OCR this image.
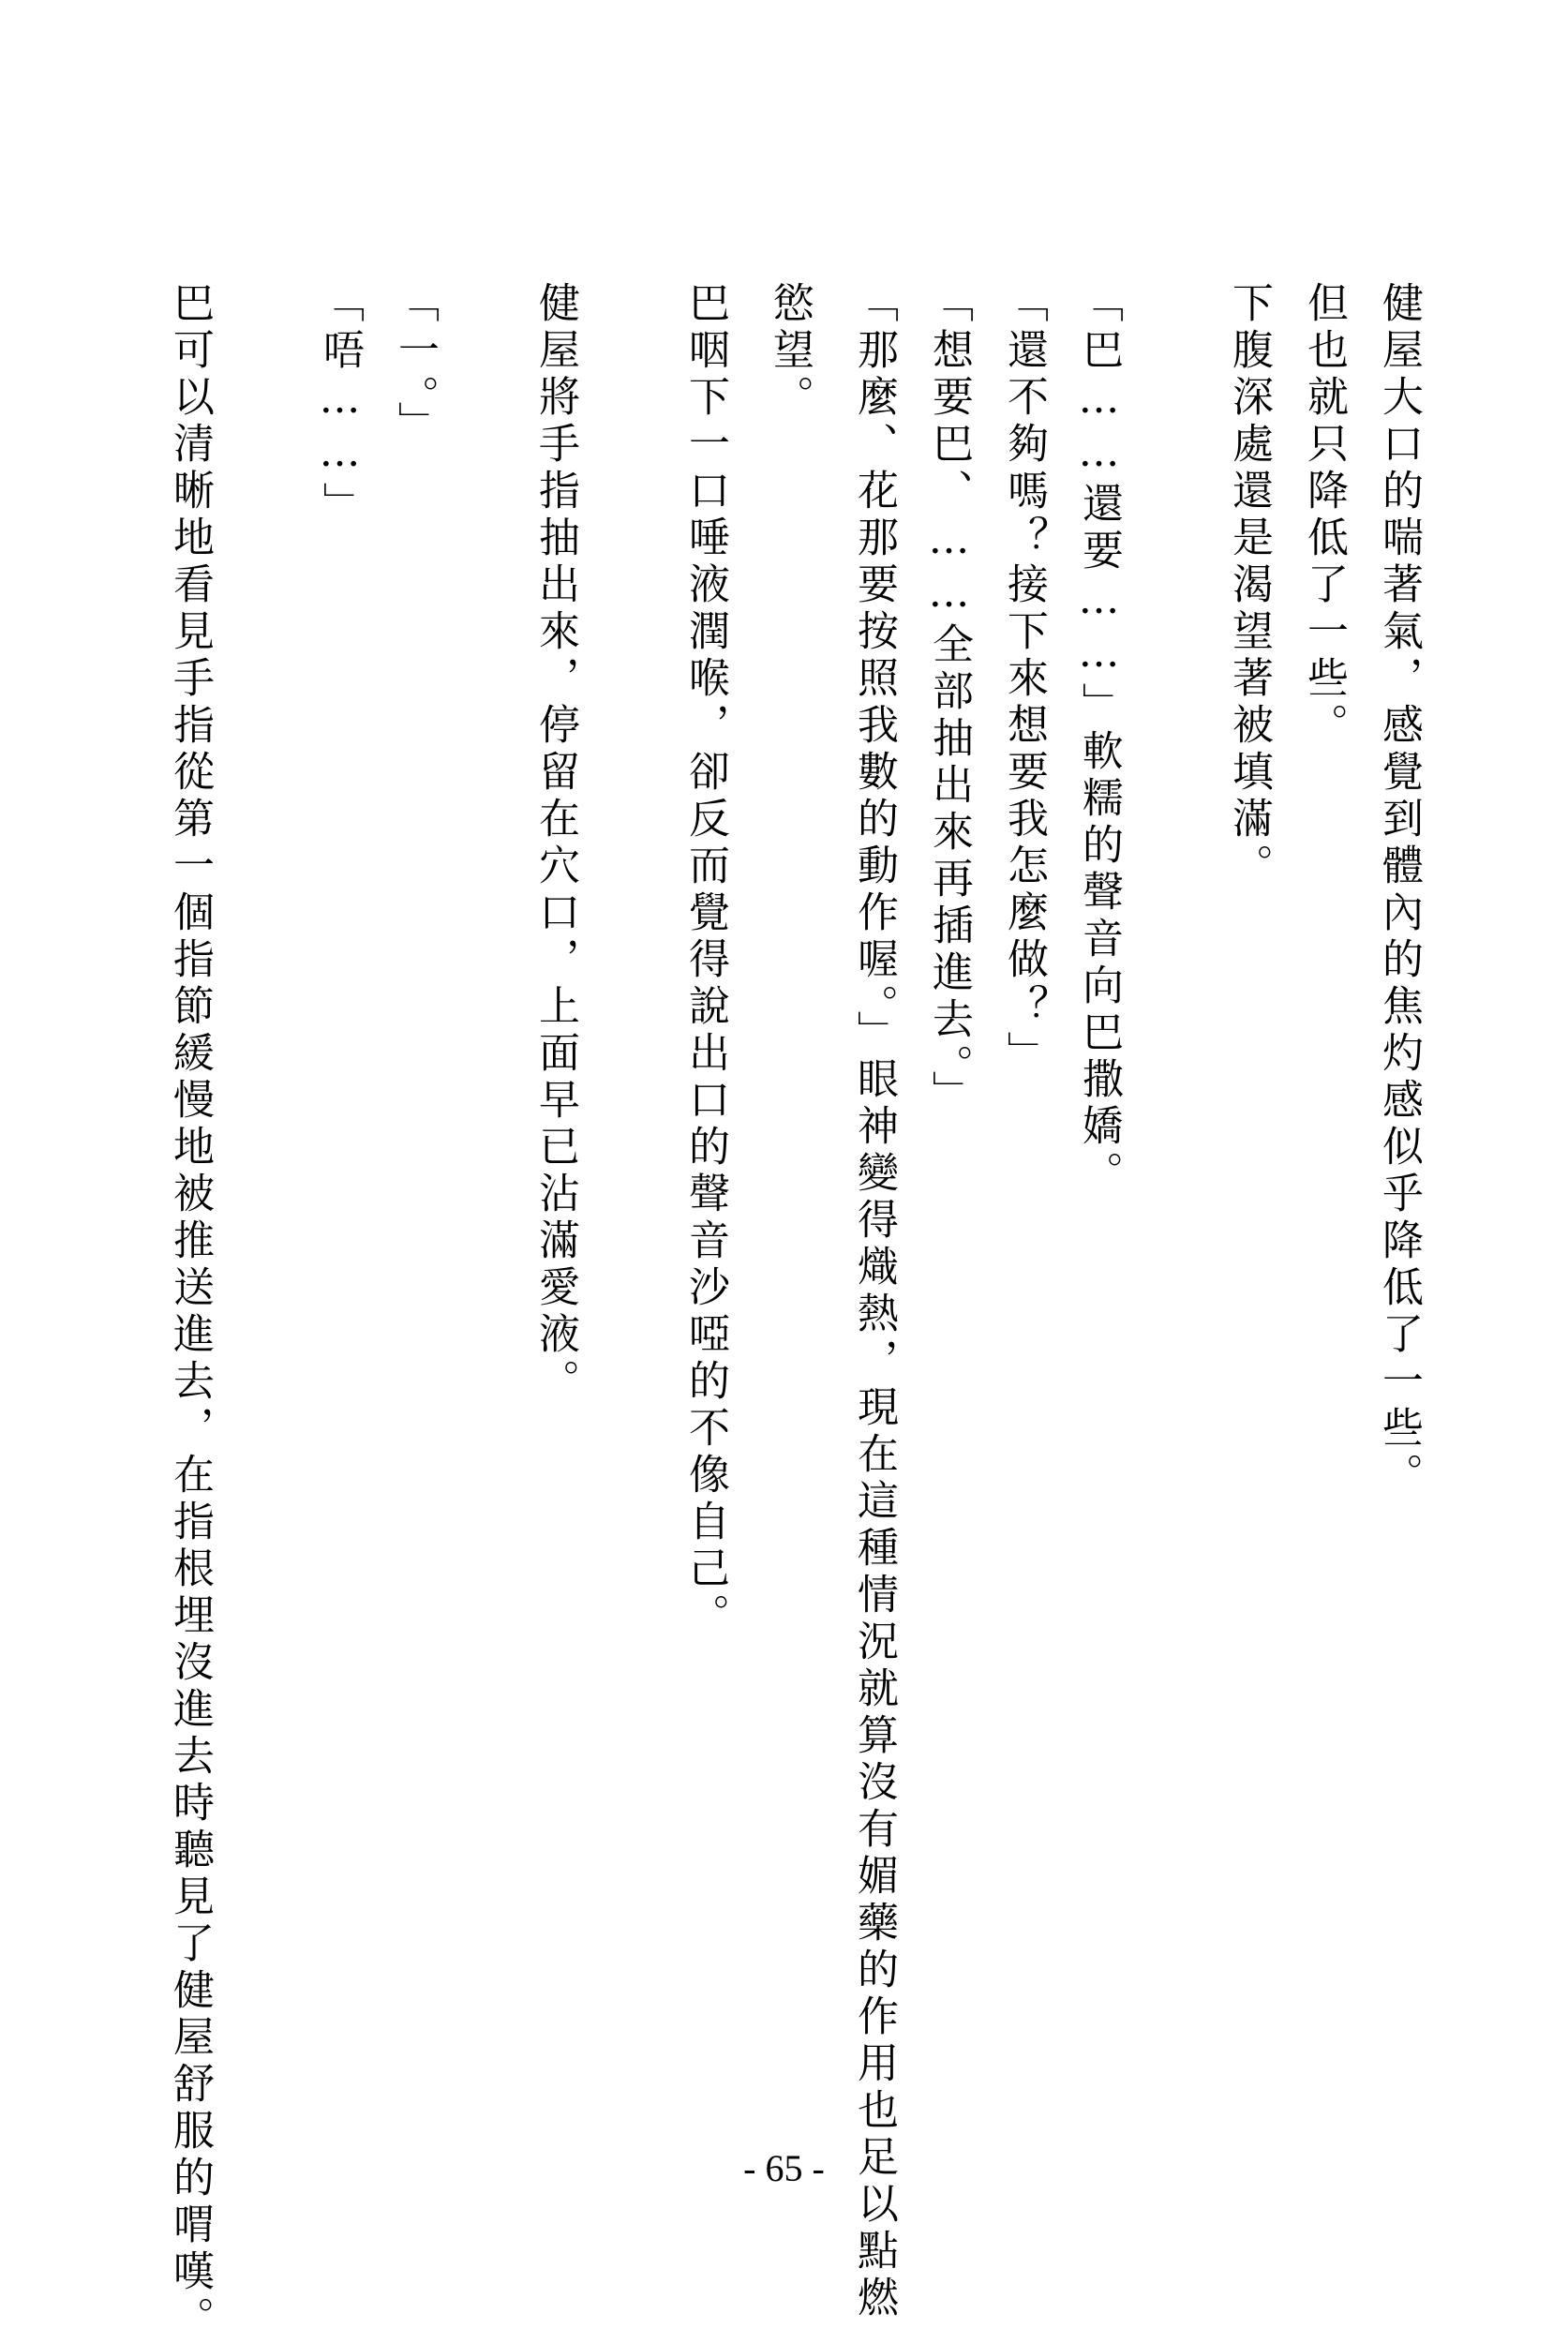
健屋大口的喘著氣，感覺到體內的焦灼感似乎降低了一些。
但也就只降低了一些。
下腹深處還是渴望著被填滿。
「巴……還要……」軟糯的聲音向巴撒嬌。
「還不夠嗎？接下來想要我怎麼做？」
「想要巴、……全部抽出來再插進去。」
「那麼、花那要按照我數的動作喔。」眼神變得熾熱，現在這種情況就算沒有媚藥的作用也足以點燃
慾望。
巴咽下一口唾液潤喉，卻反而覺得說出口的聲音沙啞的不像自己。
健屋將手指抽出來，停留在穴口，上面早已沾滿愛液。
「一。」
「唔……」
巴可以清晰地看見手指從第一個指節緩慢地被推送進去，在指根埋沒進去時聽見了健屋舒服的喟嘆。	- 65 -
